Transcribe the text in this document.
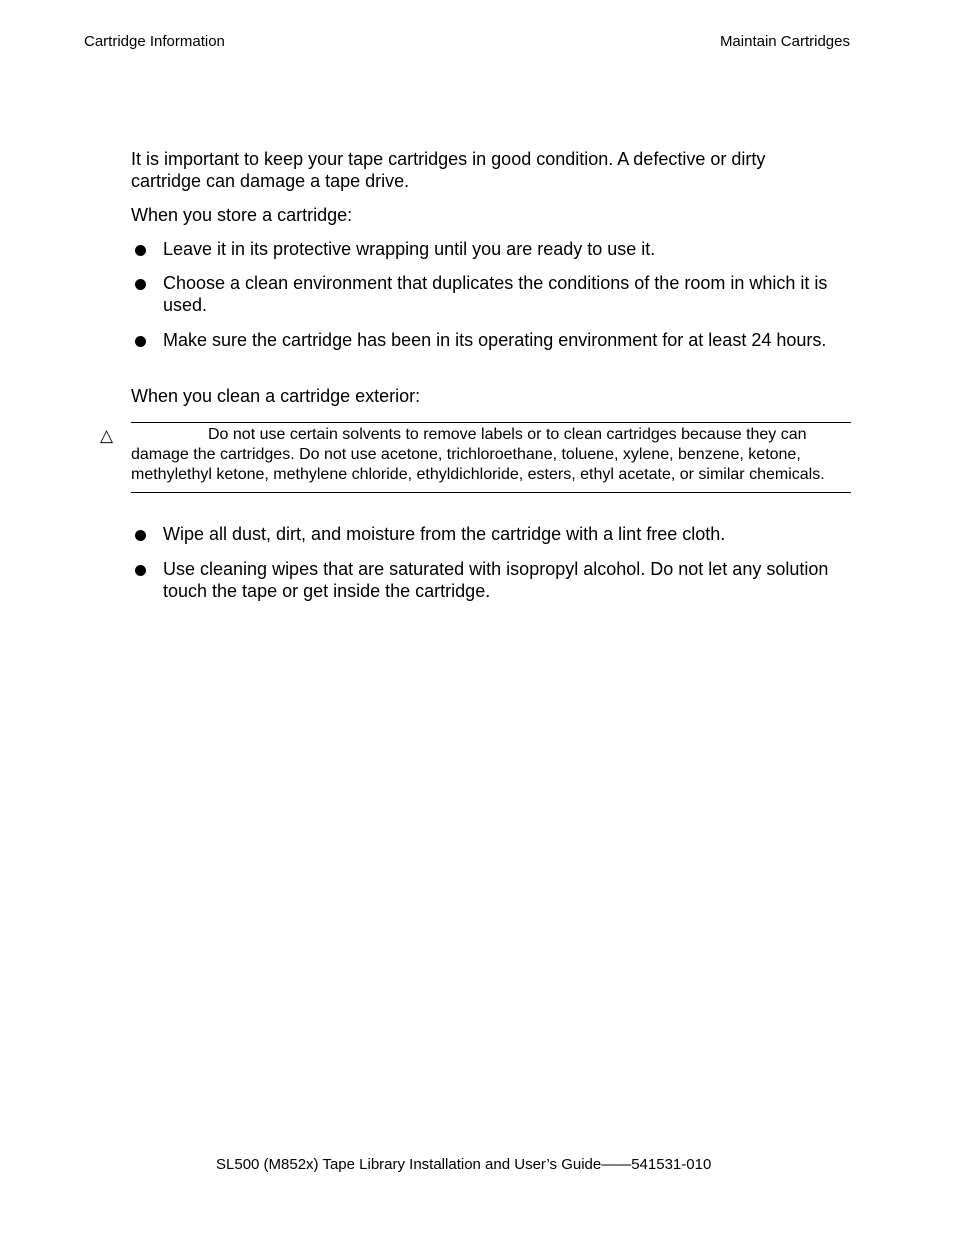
Cartridge Information	Maintain Cartridges
It is important to keep your tape cartridges in good condition. A defective or dirty cartridge can damage a tape drive.
When you store a cartridge:
Leave it in its protective wrapping until you are ready to use it.
Choose a clean environment that duplicates the conditions of the room in which it is used.
Make sure the cartridge has been in its operating environment for at least 24 hours.
When you clean a cartridge exterior:
△	Do not use certain solvents to remove labels or to clean cartridges because they can damage the cartridges. Do not use acetone, trichloroethane, toluene, xylene, benzene, ketone, methylethyl ketone, methylene chloride, ethyldichloride, esters, ethyl acetate, or similar chemicals.
Wipe all dust, dirt, and moisture from the cartridge with a lint free cloth.
Use cleaning wipes that are saturated with isopropyl alcohol. Do not let any solution touch the tape or get inside the cartridge.
SL500 (M852x) Tape Library Installation and User’s Guide——541531-010
